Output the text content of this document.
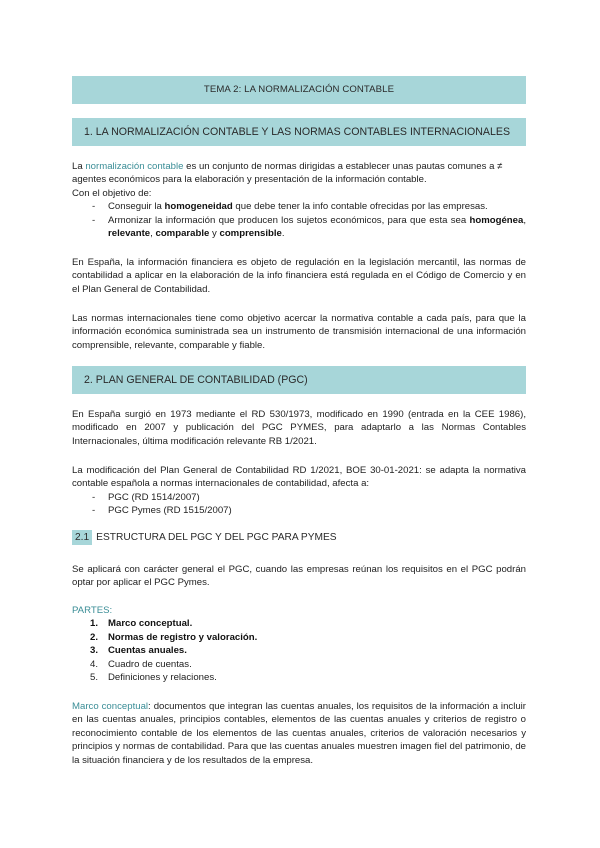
TEMA 2: LA NORMALIZACIÓN CONTABLE
1. LA NORMALIZACIÓN CONTABLE Y LAS NORMAS CONTABLES INTERNACIONALES

La normalización contable es un conjunto de normas dirigidas a establecer unas pautas comunes a ≠ agentes económicos para la elaboración y presentación de la información contable.

Con el objetivo de:

- Conseguir la homogeneidad que debe tener la info contable ofrecidas por las empresas.
- Armonizar la información que producen los sujetos económicos, para que esta sea homogénea, relevante, comparable y comprensible.

En España, la información financiera es objeto de regulación en la legislación mercantil, las normas de contabilidad a aplicar en la elaboración de la info financiera está regulada en el Código de Comercio y en el Plan General de Contabilidad.

Las normas internacionales tiene como objetivo acercar la normativa contable a cada país, para que la información económica suministrada sea un instrumento de transmisión internacional de una información comprensible, relevante, comparable y fiable.

2. PLAN GENERAL DE CONTABILIDAD (PGC)

En España surgió en 1973 mediante el RD 530/1973, modificado en 1990 (entrada en la CEE 1986), modificado en 2007 y publicación del PGC PYMES, para adaptarlo a las Normas Contables Internacionales, última modificación relevante RB 1/2021.

La modificación del Plan General de Contabilidad RD 1/2021, BOE 30-01-2021: se adapta la normativa contable española a normas internacionales de contabilidad, afecta a:

- PGC (RD 1514/2007)
- PGC Pymes (RD 1515/2007)
2.1 ESTRUCTURA DEL PGC Y DEL PGC PARA PYMES

Se aplicará con carácter general el PGC, cuando las empresas reúnan los requisitos en el PGC podrán optar por aplicar el PGC Pymes.

PARTES:

1. Marco conceptual.
2. Normas de registro y valoración.
3. Cuentas anuales.
4. Cuadro de cuentas.
5. Definiciones y relaciones.

Marco conceptual: documentos que integran las cuentas anuales, los requisitos de la información a incluir en las cuentas anuales, principios contables, elementos de las cuentas anuales y criterios de registro o reconocimiento contable de los elementos de las cuentas anuales, criterios de valoración necesarios y principios y normas de contabilidad. Para que las cuentas anuales muestren imagen fiel del patrimonio, de la situación financiera y de los resultados de la empresa.
